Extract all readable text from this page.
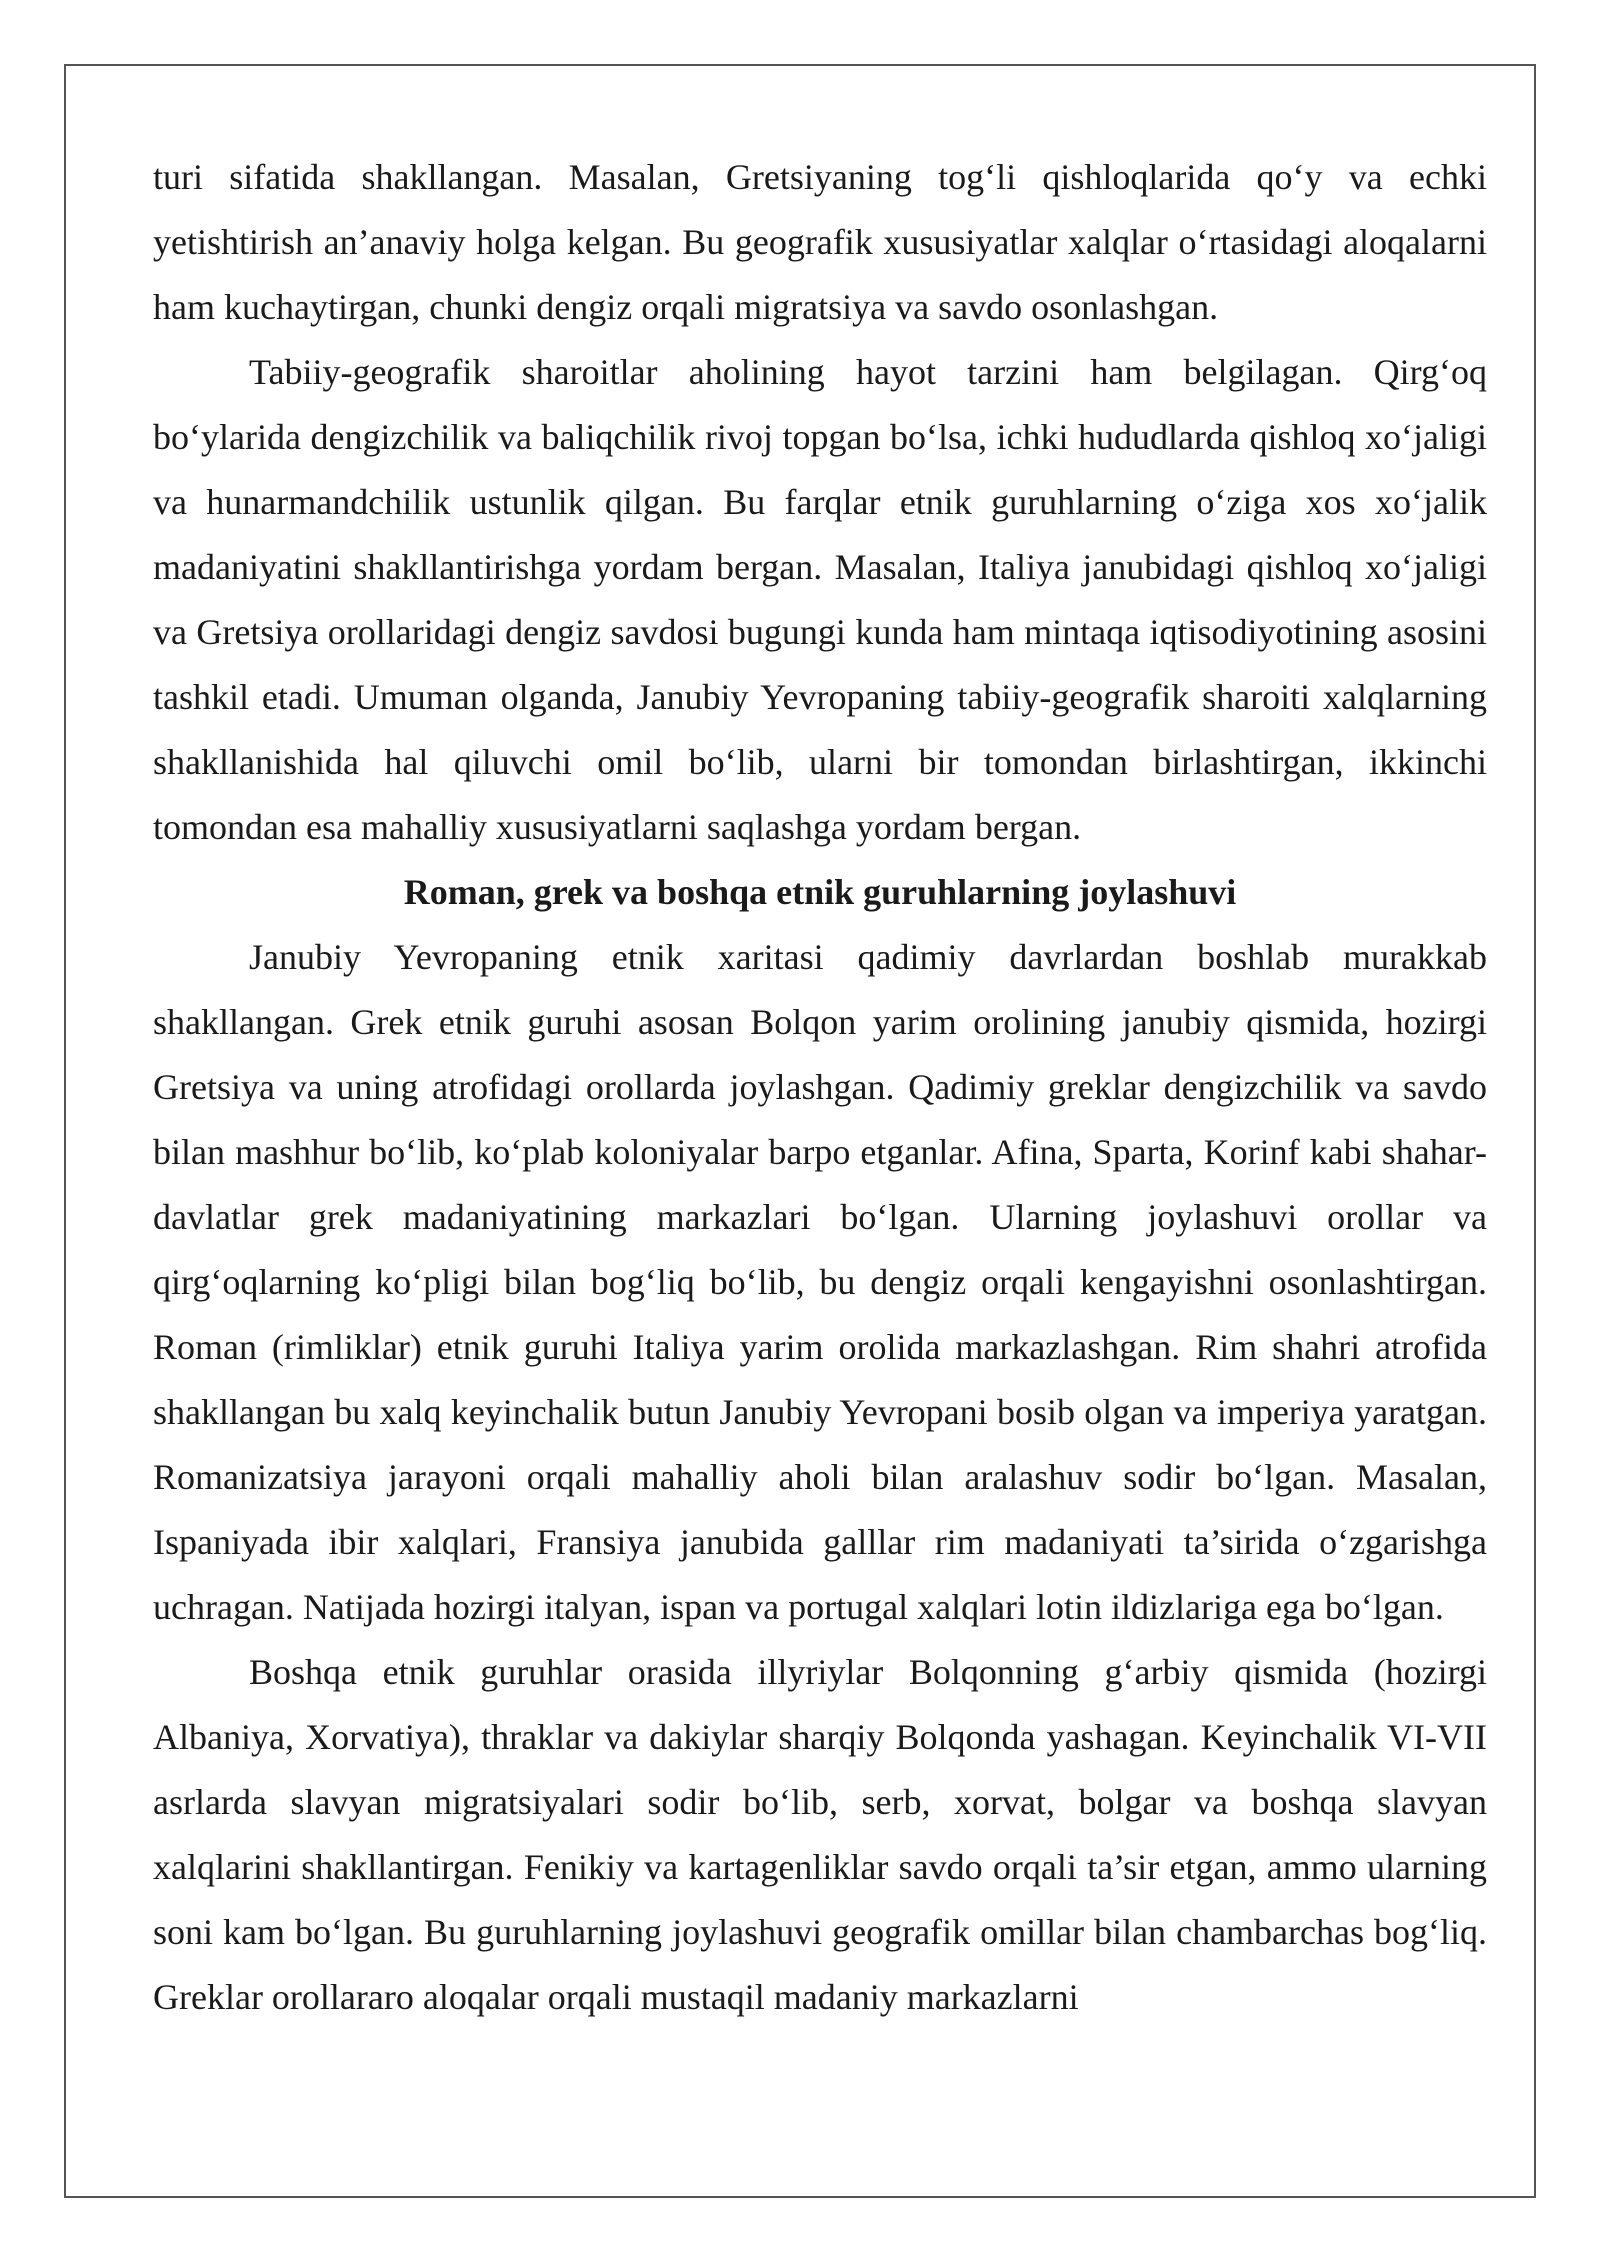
turi sifatida shakllangan. Masalan, Gretsiyaning tog‘li qishloqlarida qo‘y va echki yetishtirish an’anaviy holga kelgan. Bu geografik xususiyatlar xalqlar o‘rtasidagi aloqalarni ham kuchaytirgan, chunki dengiz orqali migratsiya va savdo osonlashgan.

Tabiiy-geografik sharoitlar aholining hayot tarzini ham belgilagan. Qirg‘oq bo‘ylarida dengizchilik va baliqchilik rivoj topgan bo‘lsa, ichki hududlarda qishloq xo‘jaligi va hunarmandchilik ustunlik qilgan. Bu farqlar etnik guruhlarning o‘ziga xos xo‘jalik madaniyatini shakllantirishga yordam bergan. Masalan, Italiya janubidagi qishloq xo‘jaligi va Gretsiya orollaridagi dengiz savdosi bugungi kunda ham mintaqa iqtisodiyotining asosini tashkil etadi. Umuman olganda, Janubiy Yevropaning tabiiy-geografik sharoiti xalqlarning shakllanishida hal qiluvchi omil bo‘lib, ularni bir tomondan birlashtirgan, ikkinchi tomondan esa mahalliy xususiyatlarni saqlashga yordam bergan.

Roman, grek va boshqa etnik guruhlarning joylashuvi

Janubiy Yevropaning etnik xaritasi qadimiy davrlardan boshlab murakkab shakllangan. Grek etnik guruhi asosan Bolqon yarim orolining janubiy qismida, hozirgi Gretsiya va uning atrofidagi orollarda joylashgan. Qadimiy greklar dengizchilik va savdo bilan mashhur bo‘lib, ko‘plab koloniyalar barpo etganlar. Afina, Sparta, Korinf kabi shahar-davlatlar grek madaniyatining markazlari bo‘lgan. Ularning joylashuvi orollar va qirg‘oqlarning ko‘pligi bilan bog‘liq bo‘lib, bu dengiz orqali kengayishni osonlashtirgan. Roman (rimliklar) etnik guruhi Italiya yarim orolida markazlashgan. Rim shahri atrofida shakllangan bu xalq keyinchalik butun Janubiy Yevropani bosib olgan va imperiya yaratgan. Romanizatsiya jarayoni orqali mahalliy aholi bilan aralashuv sodir bo‘lgan. Masalan, Ispaniyada ibir xalqlari, Fransiya janubida galllar rim madaniyati ta’sirida o‘zgarishga uchragan. Natijada hozirgi italyan, ispan va portugal xalqlari lotin ildizlariga ega bo‘lgan.

Boshqa etnik guruhlar orasida illyriylar Bolqonning g‘arbiy qismida (hozirgi Albaniya, Xorvatiya), thraklar va dakiylar sharqiy Bolqonda yashagan. Keyinchalik VI-VII asrlarda slavyan migratsiyalari sodir bo‘lib, serb, xorvat, bolgar va boshqa slavyan xalqlarini shakllantirgan. Fenikiy va kartagenliklar savdo orqali ta’sir etgan, ammo ularning soni kam bo‘lgan. Bu guruhlarning joylashuvi geografik omillar bilan chambarchas bog‘liq. Greklar orollararo aloqalar orqali mustaqil madaniy markazlarni
